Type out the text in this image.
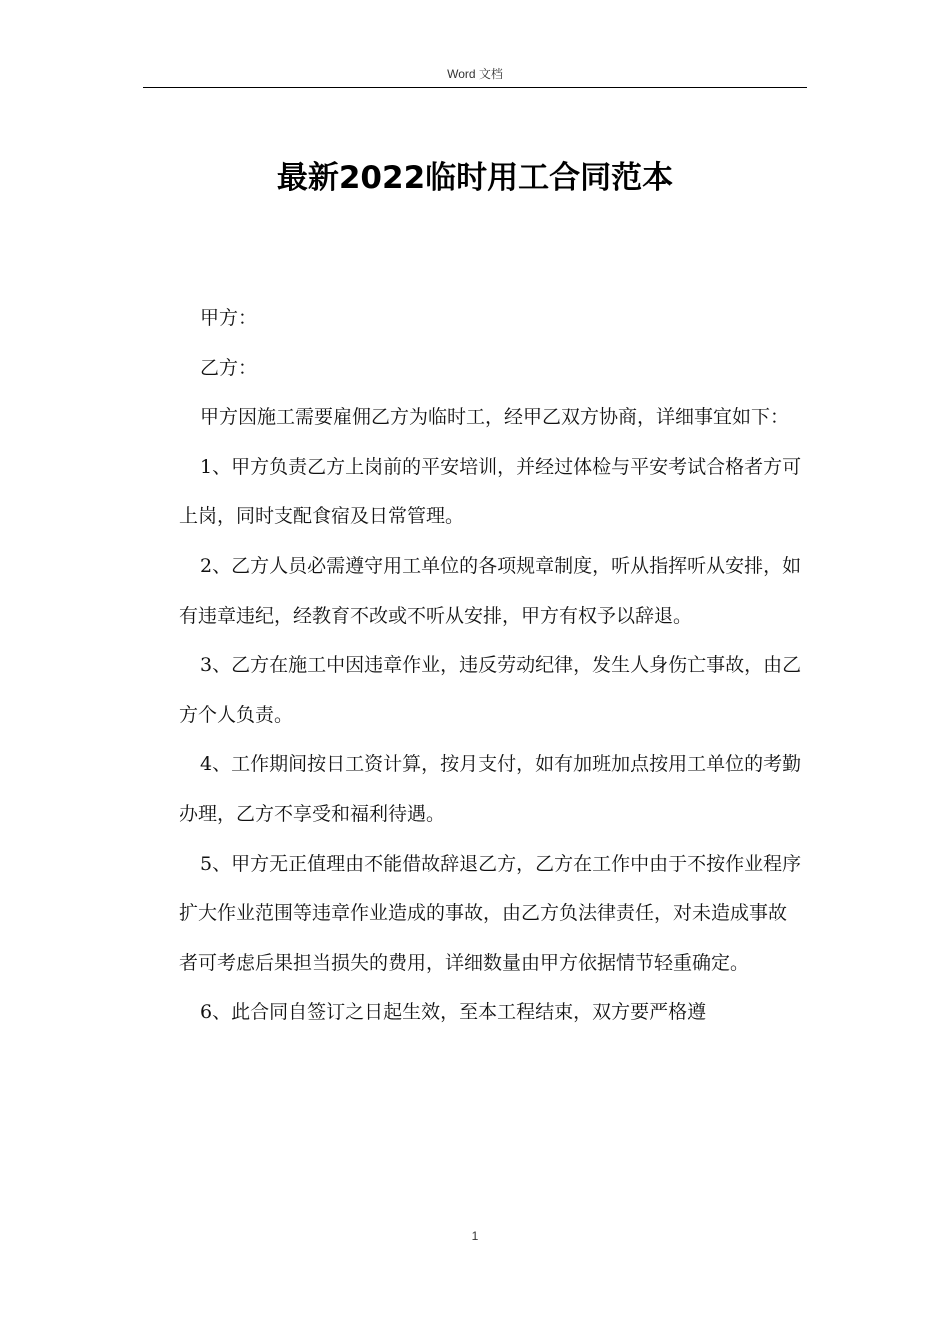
Word 文档
最新2022临时用工合同范本

甲方：

乙方：

甲方因施工需要雇佣乙方为临时工，经甲乙双方协商，详细事宜如下：

1、甲方负责乙方上岗前的平安培训，并经过体检与平安考试合格者方可上岗，同时支配食宿及日常管理。

2、乙方人员必需遵守用工单位的各项规章制度，听从指挥听从安排，如有违章违纪，经教育不改或不听从安排，甲方有权予以辞退。

3、乙方在施工中因违章作业，违反劳动纪律，发生人身伤亡事故，由乙方个人负责。

4、工作期间按日工资计算，按月支付，如有加班加点按用工单位的考勤办理，乙方不享受和福利待遇。

5、甲方无正值理由不能借故辞退乙方，乙方在工作中由于不按作业程序扩大作业范围等违章作业造成的事故，由乙方负法律责任，对未造成事故者可考虑后果担当损失的费用，详细数量由甲方依据情节轻重确定。

6、此合同自签订之日起生效，至本工程结束，双方要严格遵

1
